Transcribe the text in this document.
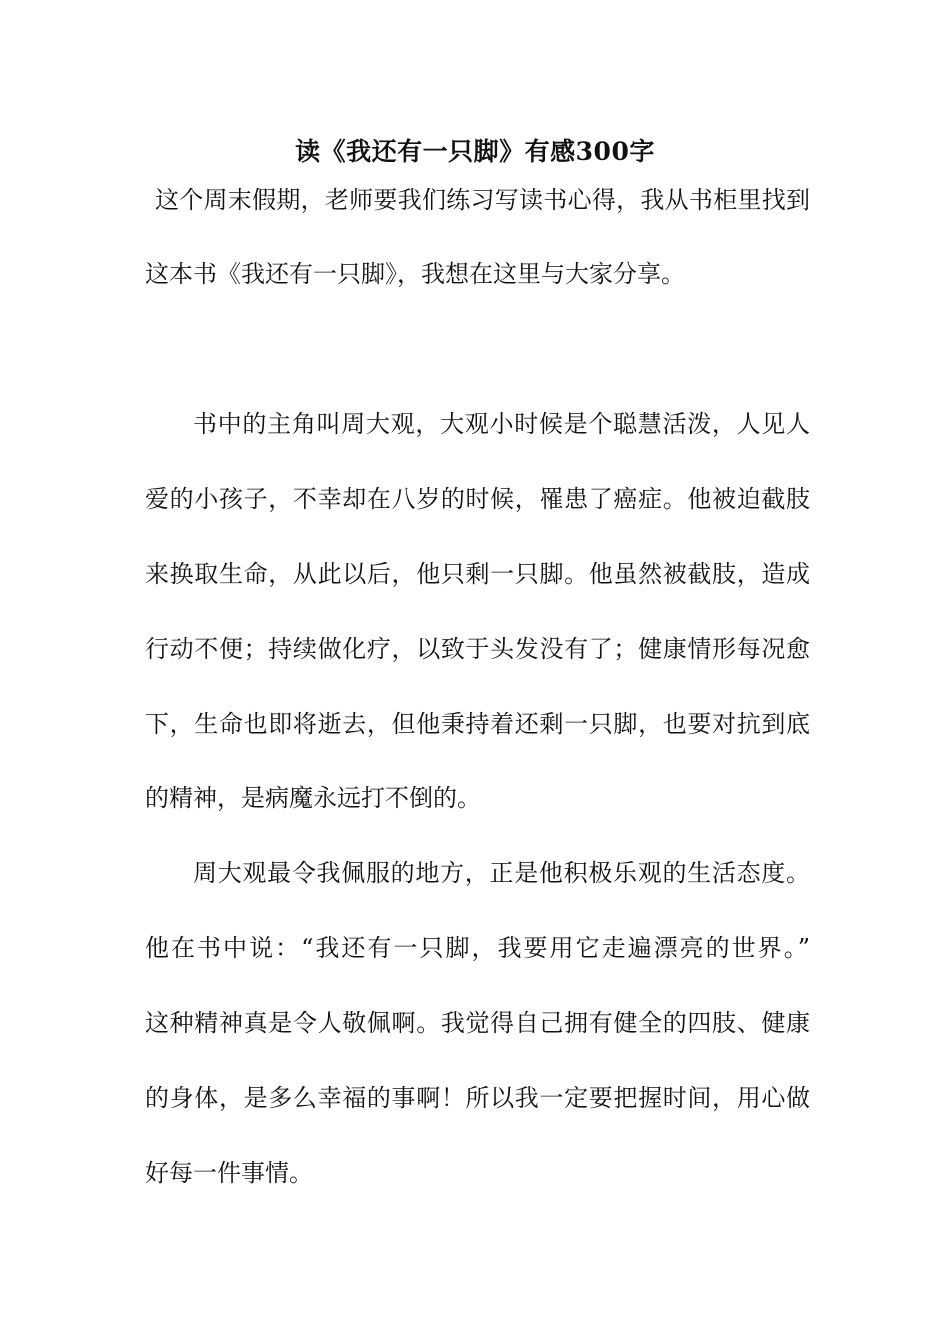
读《我还有一只脚》有感300字
这个周末假期，老师要我们练习写读书心得，我从书柜里找到
这本书《我还有一只脚》，我想在这里与大家分享。
书中的主角叫周大观，大观小时候是个聪慧活泼，人见人
爱的小孩子，不幸却在八岁的时候，罹患了癌症。他被迫截肢
来换取生命，从此以后，他只剩一只脚。他虽然被截肢，造成
行动不便；持续做化疗，以致于头发没有了；健康情形每况愈
下，生命也即将逝去，但他秉持着还剩一只脚，也要对抗到底
的精神，是病魔永远打不倒的。
周大观最令我佩服的地方，正是他积极乐观的生活态度。
他在书中说：“我还有一只脚，我要用它走遍漂亮的世界。”
这种精神真是令人敬佩啊。我觉得自己拥有健全的四肢、健康
的身体，是多么幸福的事啊！所以我一定要把握时间，用心做
好每一件事情。
